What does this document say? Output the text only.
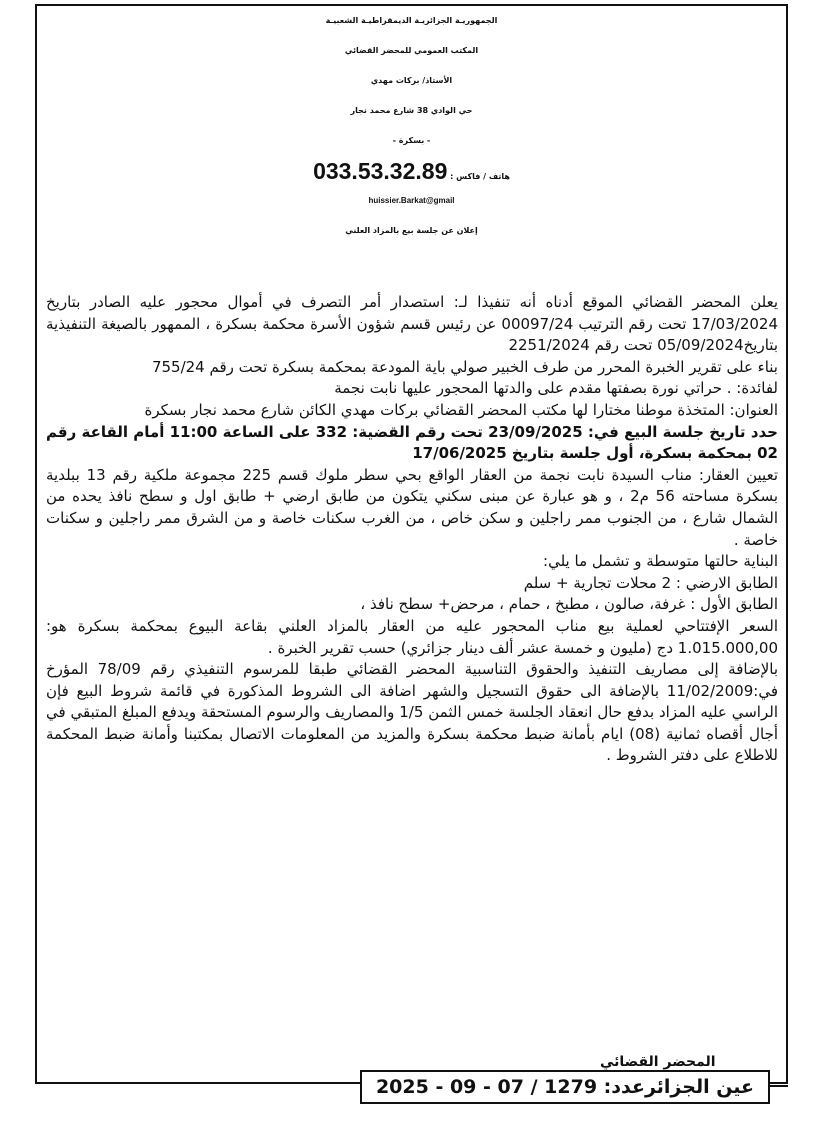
الجمهوريـة الجزائريـة الديمقراطيـة الشعبيـة
المكتب العمومي للمحضر القضائي
الأستاذ/ بركات مهدي
حي الوادي 38 شارع محمد نجار
- بسكرة -
هاتف / فاكس : 033.53.32.89
huissier.Barkat@gmail
إعلان عن جلسة بيع بالمزاد العلني

يعلن المحضر القضائي الموقع أدناه أنه تنفيذا لـ: استصدار أمر التصرف في أموال محجور عليه الصادر بتاريخ 17/03/2024 تحت رقم الترتيب 00097/24 عن رئيس قسم شؤون الأسرة محكمة بسكرة ، الممهور بالصيغة التنفيذية بتاريخ05/09/2024 تحت رقم 2251/2024

بناء على تقرير الخبرة المحرر من طرف الخبير صولي باية المودعة بمحكمة بسكرة تحت رقم 755/24

لفائدة: . حراتي نورة بصفتها مقدم على والدتها المحجور عليها نابت نجمة

العنوان: المتخذة موطنا مختارا لها مكتب المحضر القضائي بركات مهدي الكائن شارع محمد نجار بسكرة

حدد تاريخ جلسة البيع في: 23/09/2025 تحت رقم القضية: 332 على الساعة 11:00 أمام القاعة رقم 02 بمحكمة بسكرة، أول جلسة بتاريخ 17/06/2025

تعيين العقار: مناب السيدة نابت نجمة من العقار الواقع بحي سطر ملوك قسم 225 مجموعة ملكية رقم 13 ببلدية بسكرة مساحته 56 م2 ، و هو عبارة عن مبنى سكني يتكون من طابق ارضي + طابق اول و سطح نافذ يحده من الشمال شارع ، من الجنوب ممر راجلين و سكن خاص ، من الغرب سكنات خاصة و من الشرق ممر راجلين و سكنات خاصة .

البناية حالتها متوسطة و تشمل ما يلي:

الطابق الارضي : 2 محلات تجارية + سلم

الطابق الأول : غرفة، صالون ، مطبخ ، حمام ، مرحض+ سطح نافذ ،

السعر الإفتتاحي لعملية بيع مناب المحجور عليه من العقار بالمزاد العلني بقاعة البيوع بمحكمة بسكرة هو: 1.015.000,00 دج (مليون و خمسة عشر ألف دينار جزائري) حسب تقرير الخبرة .

بالإضافة إلى مصاريف التنفيذ والحقوق التناسبية المحضر القضائي طبقا للمرسوم التنفيذي رقم 78/09 المؤرخ في:11/02/2009 بالإضافة الى حقوق التسجيل والشهر اضافة الى الشروط المذكورة في قائمة شروط البيع فإن الراسي عليه المزاد بدفع حال انعقاد الجلسة خمس الثمن 1/5 والمصاريف والرسوم المستحقة ويدفع المبلغ المتبقي في أجال أقصاه ثمانية (08) ايام بأمانة ضبط محكمة بسكرة والمزيد من المعلومات الاتصال بمكتبنا وأمانة ضبط المحكمة للاطلاع على دفتر الشروط .

المحضر القضائي
عين الجزائرعدد: 1279 / 07 - 09 - 2025
